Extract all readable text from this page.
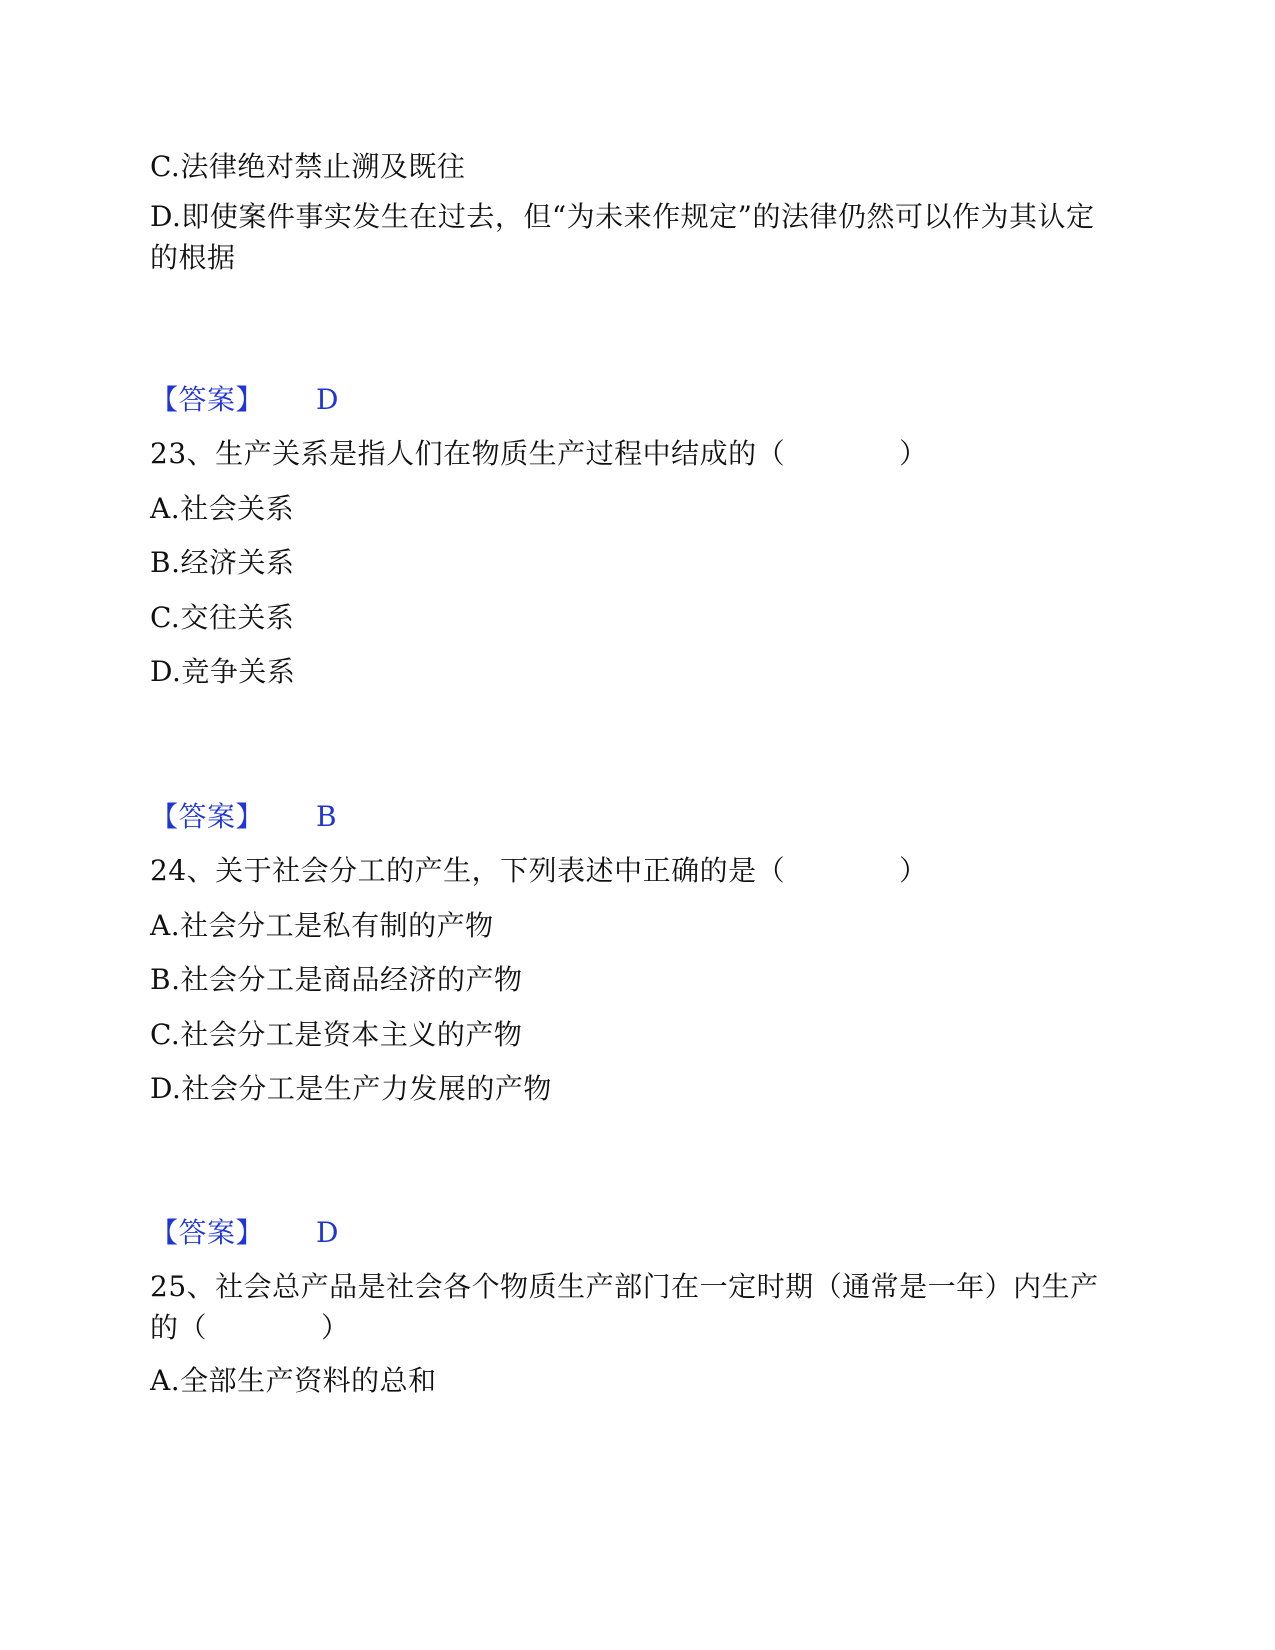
C.法律绝对禁止溯及既往
D.即使案件事实发生在过去，但“为未来作规定”的法律仍然可以作为其认定的根据
【答案】 D
23、生产关系是指人们在物质生产过程中结成的（　　　　）
A.社会关系
B.经济关系
C.交往关系
D.竞争关系
【答案】 B
24、关于社会分工的产生，下列表述中正确的是（　　　　）
A.社会分工是私有制的产物
B.社会分工是商品经济的产物
C.社会分工是资本主义的产物
D.社会分工是生产力发展的产物
【答案】 D
25、社会总产品是社会各个物质生产部门在一定时期（通常是一年）内生产的（　　　　）
A.全部生产资料的总和
